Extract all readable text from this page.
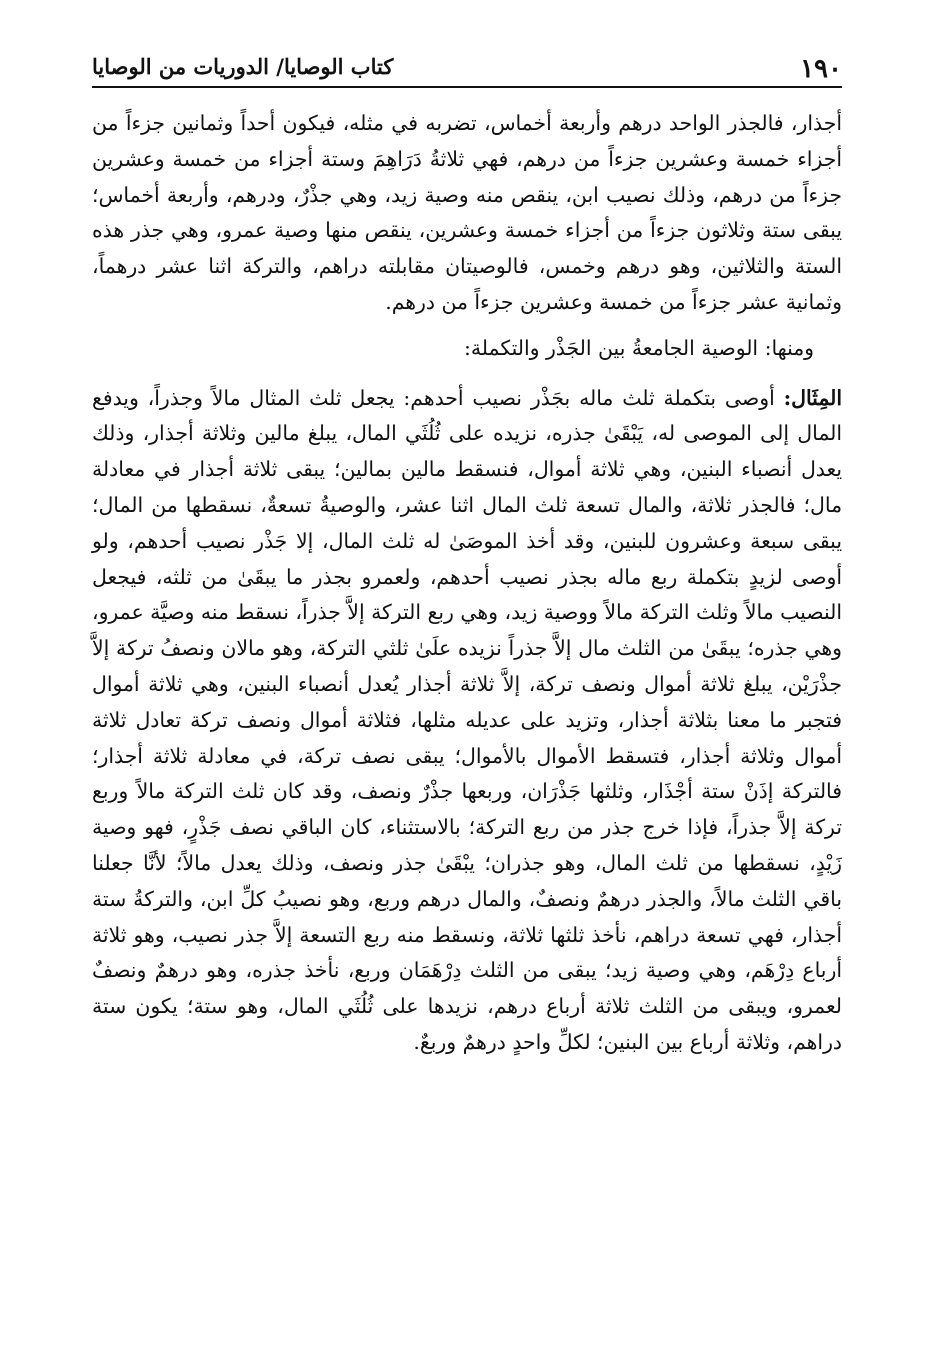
١٩٠
كتاب الوصايا/ الدوريات من الوصايا

أجذار، فالجذر الواحد درهم وأربعة أخماس، تضربه في مثله، فيكون أحداً وثمانين جزءاً من أجزاء خمسة وعشرين جزءاً من درهم، فهي ثلاثةُ دَرَاهِمَ وستة أجزاء من خمسة وعشرين جزءاً من درهم، وذلك نصيب ابن، ينقص منه وصية زيد، وهي جذْرٌ، ودرهم، وأربعة أخماس؛ يبقى ستة وثلاثون جزءاً من أجزاء خمسة وعشرين، ينقص منها وصية عمرو، وهي جذر هذه الستة والثلاثين، وهو درهم وخمس، فالوصيتان مقابلته دراهم، والتركة اثنا عشر درهماً، وثمانية عشر جزءاً من خمسة وعشرين جزءاً من درهم.

ومنها: الوصية الجامعةُ بين الجَذْر والتكملة:

المِثَال: أوصى بتكملة ثلث ماله بجَذْر نصيب أحدهم: يجعل ثلث المثال مالاً وجذراً، ويدفع المال إلى الموصى له، يَبْقَىٰ جذره، نزيده على ثُلُثَي المال، يبلغ مالين وثلاثة أجذار، وذلك يعدل أنصباء البنين، وهي ثلاثة أموال، فنسقط مالين بمالين؛ يبقى ثلاثة أجذار في معادلة مال؛ فالجذر ثلاثة، والمال تسعة ثلث المال اثنا عشر، والوصيةُ تسعةٌ، نسقطها من المال؛ يبقى سبعة وعشرون للبنين، وقد أخذ الموصَىٰ له ثلث المال، إلا جَذْر نصيب أحدهم، ولو أوصى لزيدٍ بتكملة ربع ماله بجذر نصيب أحدهم، ولعمرو بجذر ما يبقَىٰ من ثلثه، فيجعل النصيب مالاً وثلث التركة مالاً ووصية زيد، وهي ربع التركة إلاَّ جذراً، نسقط منه وصيَّة عمرو، وهي جذره؛ يبقَىٰ من الثلث مال إلاَّ جذراً نزيده علَىٰ ثلثي التركة، وهو مالان ونصفُ تركة إلاَّ جذْرَيْن، يبلغ ثلاثة أموال ونصف تركة، إلاَّ ثلاثة أجذار يُعدل أنصباء البنين، وهي ثلاثة أموال فتجبر ما معنا بثلاثة أجذار، وتزيد على عديله مثلها، فثلاثة أموال ونصف تركة تعادل ثلاثة أموال وثلاثة أجذار، فتسقط الأموال بالأموال؛ يبقى نصف تركة، في معادلة ثلاثة أجذار؛ فالتركة إذَنْ ستة أجْذَار، وثلثها جَذْرَان، وربعها جذْرٌ ونصف، وقد كان ثلث التركة مالاً وربع تركة إلاَّ جذراً، فإذا خرج جذر من ربع التركة؛ بالاستثناء، كان الباقي نصف جَذْرٍ، فهو وصية زَيْدٍ، نسقطها من ثلث المال، وهو جذران؛ يبْقَىٰ جذر ونصف، وذلك يعدل مالاً؛ لأنَّا جعلنا باقي الثلث مالاً، والجذر درهمٌ ونصفٌ، والمال درهم وربع، وهو نصيبُ كلِّ ابن، والتركةُ ستة أجذار، فهي تسعة دراهم، نأخذ ثلثها ثلاثة، ونسقط منه ربع التسعة إلاَّ جذر نصيب، وهو ثلاثة أرباع دِرْهَم، وهي وصية زيد؛ يبقى من الثلث دِرْهَمَان وربع، نأخذ جذره، وهو درهمٌ ونصفٌ لعمرو، ويبقى من الثلث ثلاثة أرباع درهم، نزيدها على ثُلُثَي المال، وهو ستة؛ يكون ستة دراهم، وثلاثة أرباع بين البنين؛ لكلِّ واحدٍ درهمٌ وربعٌ.
